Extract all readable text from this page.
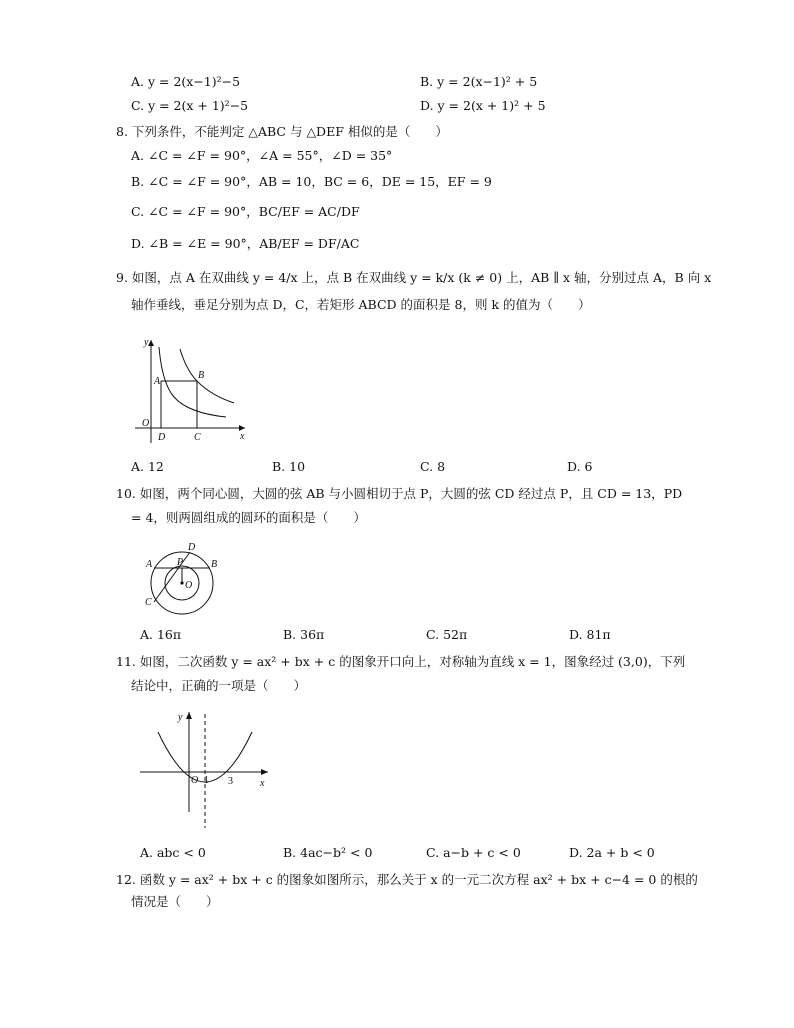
A. y = 2(x−1)²−5	B. y = 2(x−1)² + 5
C. y = 2(x + 1)²−5	D. y = 2(x + 1)² + 5
8. 下列条件，不能判定 △ABC 与 △DEF 相似的是（　　）
A. ∠C = ∠F = 90°，∠A = 55°，∠D = 35°
B. ∠C = ∠F = 90°，AB = 10，BC = 6，DE = 15，EF = 9
C. ∠C = ∠F = 90°，BC/EF = AC/DF
D. ∠B = ∠E = 90°，AB/EF = DF/AC
9. 如图，点 A 在双曲线 y = 4/x 上，点 B 在双曲线 y = k/x (k ≠ 0) 上，AB ∥ x 轴，分别过点 A，B 向 x
轴作垂线，垂足分别为点 D，C，若矩形 ABCD 的面积是 8，则 k 的值为（　　）
y
x
O
A
B
C
D
A. 12	B. 10	C. 8	D. 6
10. 如图，两个同心圆，大圆的弦 AB 与小圆相切于点 P，大圆的弦 CD 经过点 P，且 CD = 13，PD
= 4，则两圆组成的圆环的面积是（　　）
A	B
C
D
P
O
A. 16π	B. 36π	C. 52π	D. 81π
11. 如图，二次函数 y = ax² + bx + c 的图象开口向上，对称轴为直线 x = 1，图象经过 (3,0)，下列
结论中，正确的一项是（　　）
y
x
O 1 3
A. abc < 0	B. 4ac−b² < 0	C. a−b + c < 0	D. 2a + b < 0
12. 函数 y = ax² + bx + c 的图象如图所示，那么关于 x 的一元二次方程 ax² + bx + c−4 = 0 的根的
情况是（　　）
